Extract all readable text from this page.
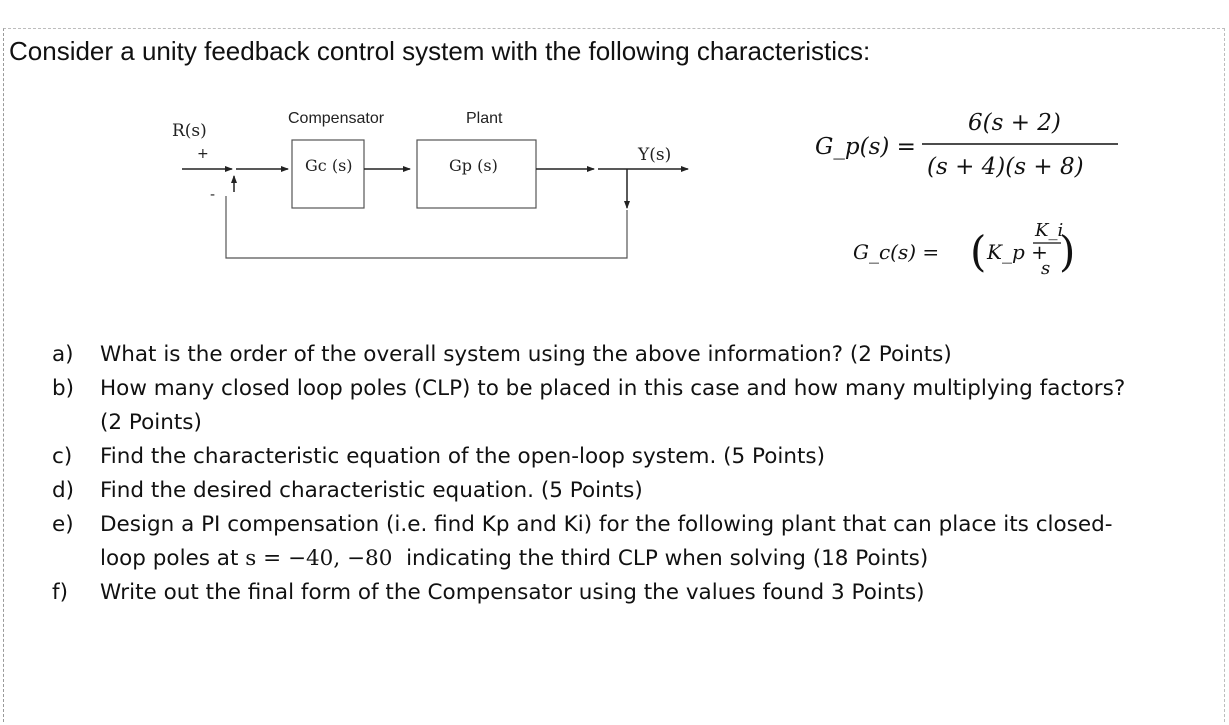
Consider a unity feedback control system with the following characteristics:
R(s)
+
-
Compensator	Plant
Gc (s)	Gp (s)
Y(s)	G_p(s) =
6(s + 2)
(s + 4)(s + 8)
G_c(s) = ( K_p +
K_i
s )
a) What is the order of the overall system using the above information? (2 Points)
b) How many closed loop poles (CLP) to be placed in this case and how many multiplying factors?
(2 Points)
c) Find the characteristic equation of the open-loop system. (5 Points)
d) Find the desired characteristic equation. (5 Points)
e) Design a PI compensation (i.e. find Kp and Ki) for the following plant that can place its closed-
loop poles at s = −40, −80 indicating the third CLP when solving (18 Points)
f) Write out the final form of the Compensator using the values found 3 Points)
